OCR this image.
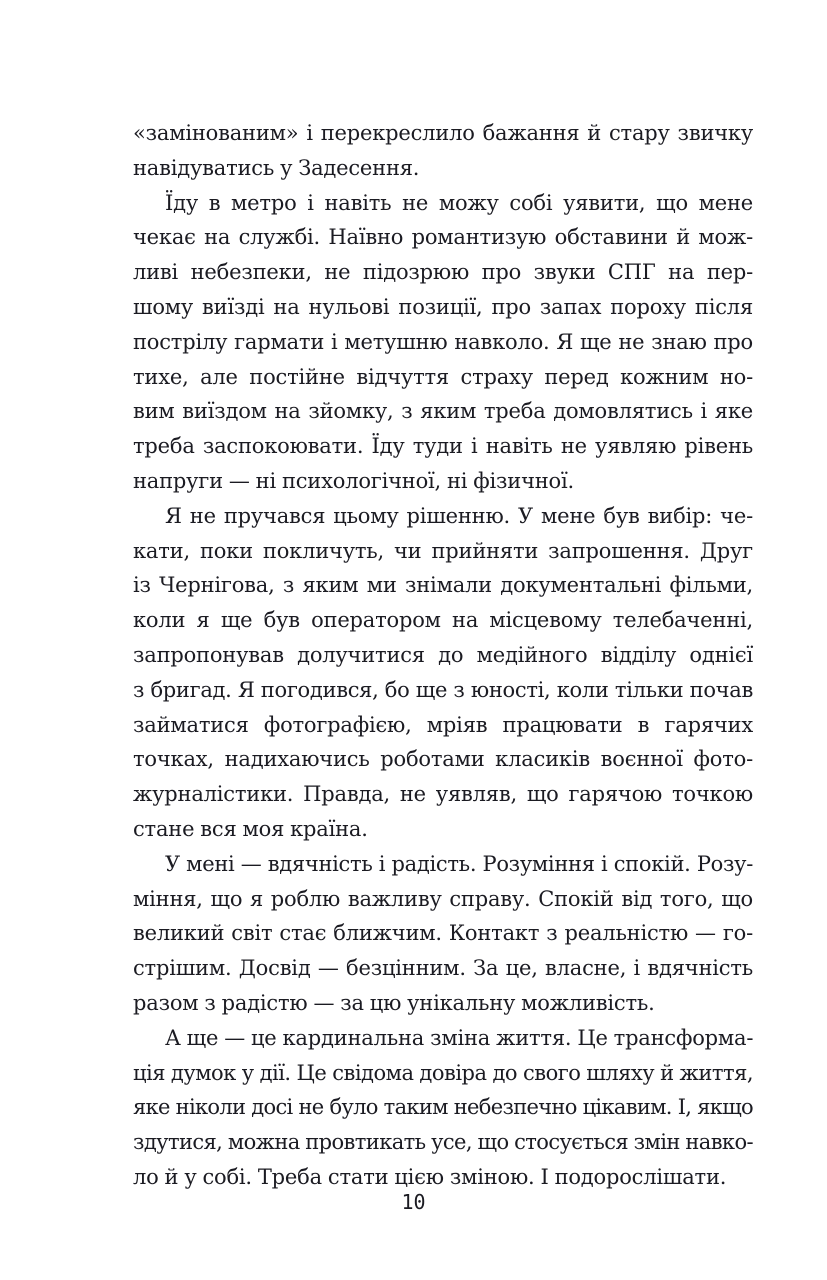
«замінованим» і перекреслило бажання й стару звичку
навідуватись у Задесення.
Їду в метро і навіть не можу собі уявити, що мене
чекає на службі. Наївно романтизую обставини й мож-
ливі небезпеки, не підозрюю про звуки СПГ на пер-
шому виїзді на нульові позиції, про запах пороху після
пострілу гармати і метушню навколо. Я ще не знаю про
тихе, але постійне відчуття страху перед кожним но-
вим виїздом на зйомку, з яким треба домовлятись і яке
треба заспокоювати. Їду туди і навіть не уявляю рівень
напруги — ні психологічної, ні фізичної.
Я не пручався цьому рішенню. У мене був вибір: че-
кати, поки покличуть, чи прийняти запрошення. Друг
із Чернігова, з яким ми знімали документальні фільми,
коли я ще був оператором на місцевому телебаченні,
запропонував долучитися до медійного відділу однієї
з бригад. Я погодився, бо ще з юності, коли тільки почав
займатися фотографією, мріяв працювати в гарячих
точках, надихаючись роботами класиків воєнної фото-
журналістики. Правда, не уявляв, що гарячою точкою
стане вся моя країна.
У мені — вдячність і радість. Розуміння і спокій. Розу-
міння, що я роблю важливу справу. Спокій від того, що
великий світ стає ближчим. Контакт з реальністю — го-
стрішим. Досвід — безцінним. За це, власне, і вдячність
разом з радістю — за цю унікальну можливість.
А ще — це кардинальна зміна життя. Це трансформа-
ція думок у дії. Це свідома довіра до свого шляху й життя,
яке ніколи досі не було таким небезпечно цікавим. І, якщо
здутися, можна провтикать усе, що стосується змін навко-
ло й у собі. Треба стати цією зміною. І подорослішати.
10
